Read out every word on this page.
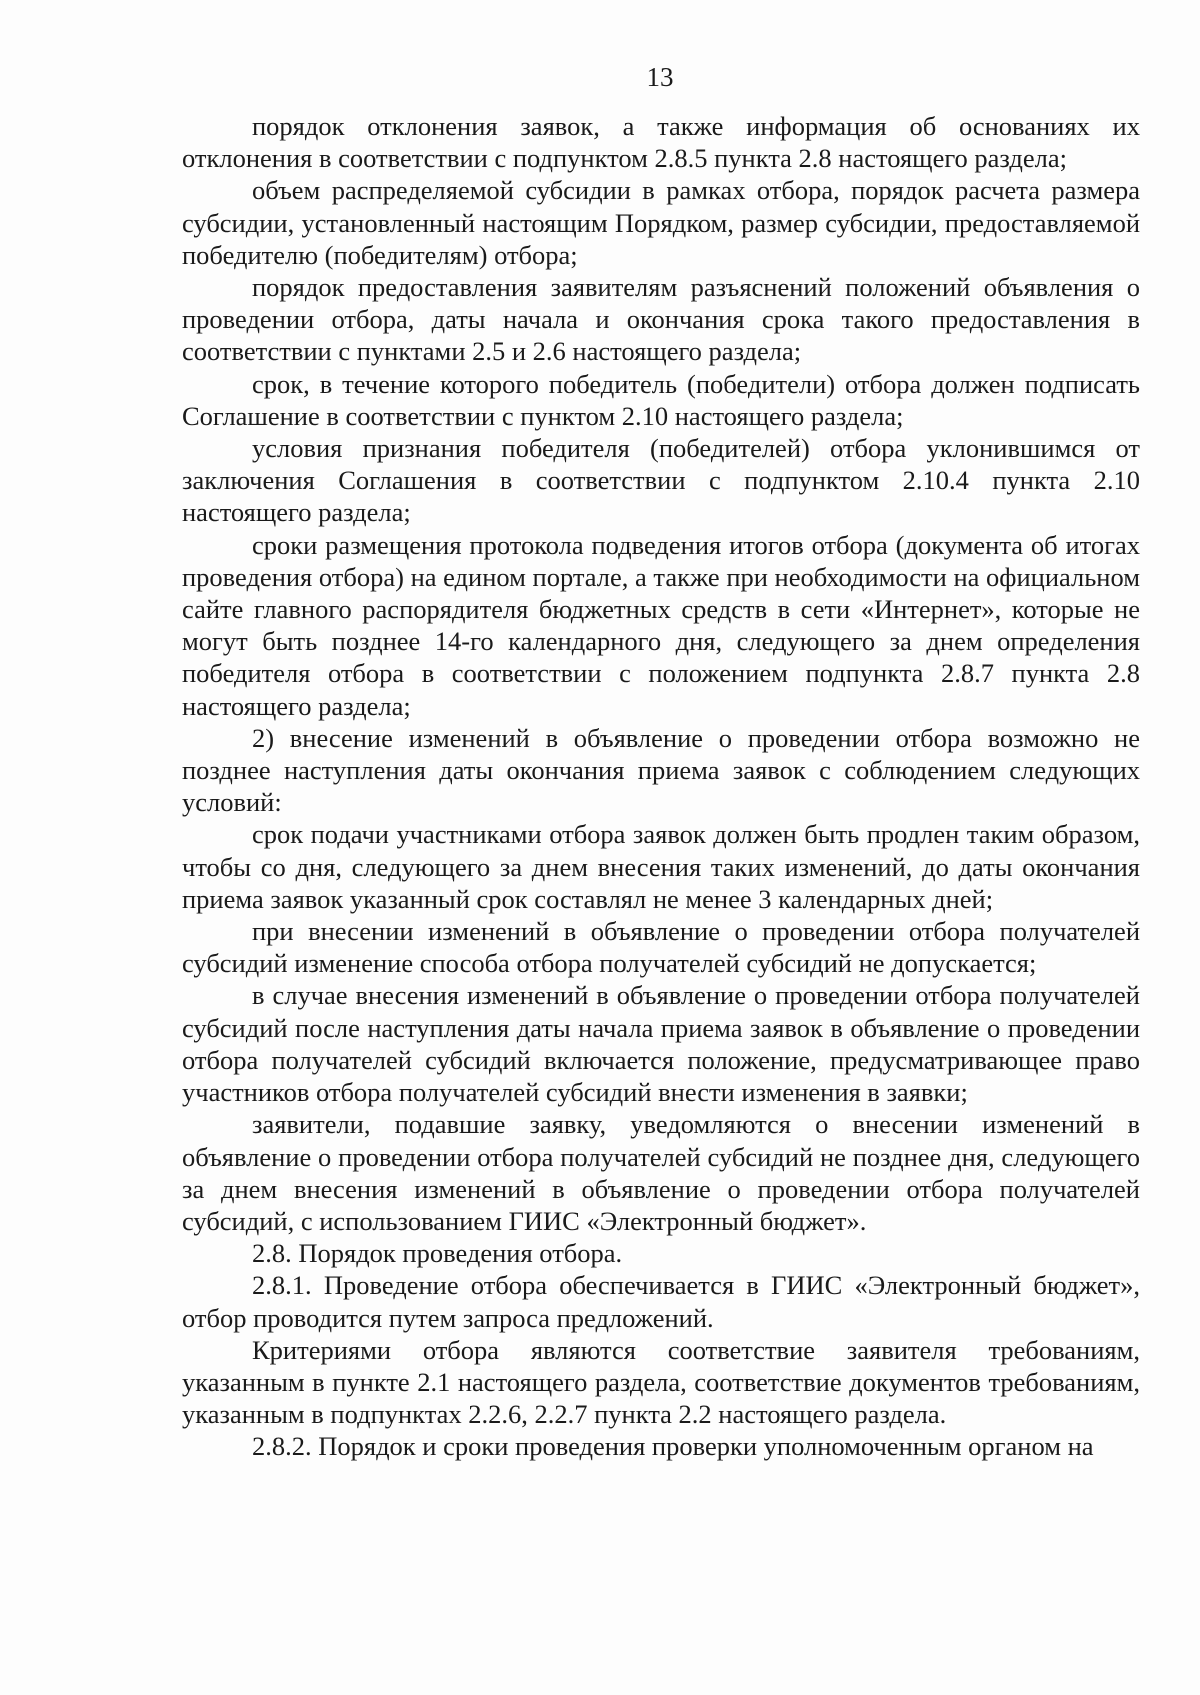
13

порядок отклонения заявок, а также информация об основаниях их отклонения в соответствии с подпунктом 2.8.5 пункта 2.8 настоящего раздела;

объем распределяемой субсидии в рамках отбора, порядок расчета размера субсидии, установленный настоящим Порядком, размер субсидии, предоставляемой победителю (победителям) отбора;

порядок предоставления заявителям разъяснений положений объявления о проведении отбора, даты начала и окончания срока такого предоставления в соответствии с пунктами 2.5 и 2.6 настоящего раздела;

срок, в течение которого победитель (победители) отбора должен подписать Соглашение в соответствии с пунктом 2.10 настоящего раздела;

условия признания победителя (победителей) отбора уклонившимся от заключения Соглашения в соответствии с подпунктом 2.10.4 пункта 2.10 настоящего раздела;

сроки размещения протокола подведения итогов отбора (документа об итогах проведения отбора) на едином портале, а также при необходимости на официальном сайте главного распорядителя бюджетных средств в сети «Интернет», которые не могут быть позднее 14-го календарного дня, следующего за днем определения победителя отбора в соответствии с положением подпункта 2.8.7 пункта 2.8 настоящего раздела;

2) внесение изменений в объявление о проведении отбора возможно не позднее наступления даты окончания приема заявок с соблюдением следующих условий:

срок подачи участниками отбора заявок должен быть продлен таким образом, чтобы со дня, следующего за днем внесения таких изменений, до даты окончания приема заявок указанный срок составлял не менее 3 календарных дней;

при внесении изменений в объявление о проведении отбора получателей субсидий изменение способа отбора получателей субсидий не допускается;

в случае внесения изменений в объявление о проведении отбора получателей субсидий после наступления даты начала приема заявок в объявление о проведении отбора получателей субсидий включается положение, предусматривающее право участников отбора получателей субсидий внести изменения в заявки;

заявители, подавшие заявку, уведомляются о внесении изменений в объявление о проведении отбора получателей субсидий не позднее дня, следующего за днем внесения изменений в объявление о проведении отбора получателей субсидий, с использованием ГИИС «Электронный бюджет».

2.8. Порядок проведения отбора.

2.8.1. Проведение отбора обеспечивается в ГИИС «Электронный бюджет», отбор проводится путем запроса предложений.

Критериями отбора являются соответствие заявителя требованиям, указанным в пункте 2.1 настоящего раздела, соответствие документов требованиям, указанным в подпунктах 2.2.6, 2.2.7 пункта 2.2 настоящего раздела.

2.8.2. Порядок и сроки проведения проверки уполномоченным органом на
